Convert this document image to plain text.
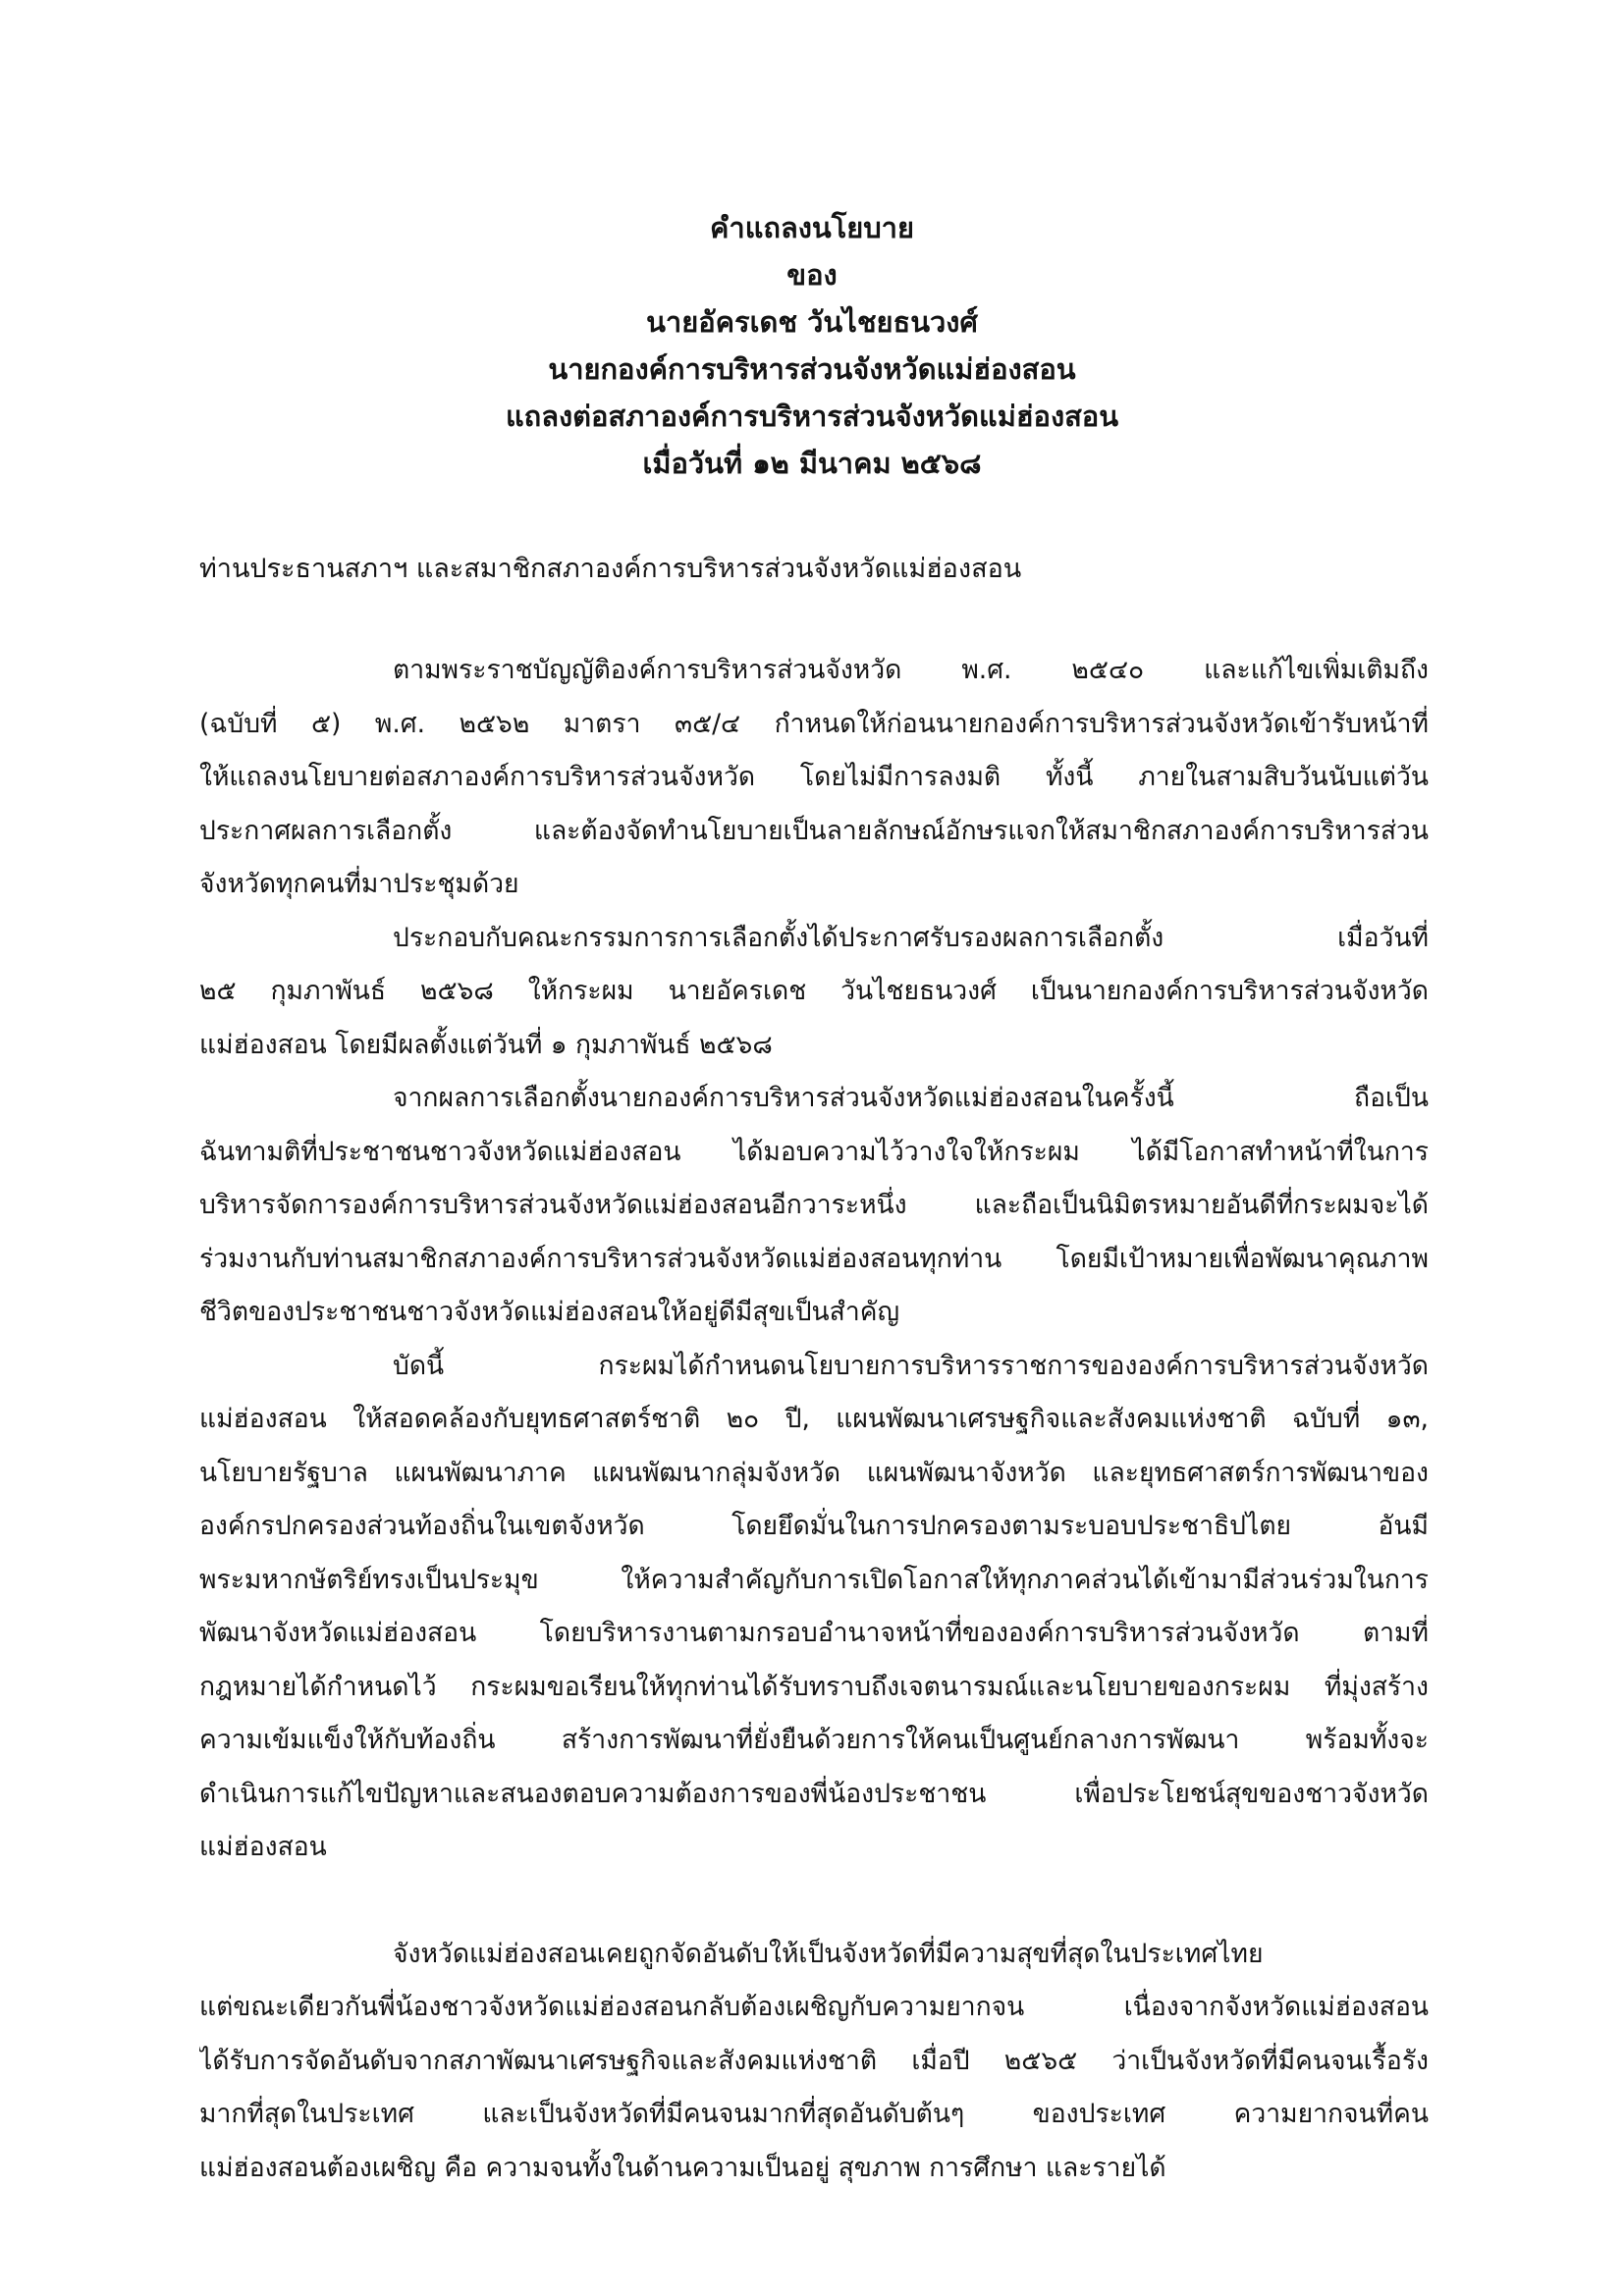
คำแถลงนโยบาย
ของ
นายอัครเดช วันไชยธนวงศ์
นายกองค์การบริหารส่วนจังหวัดแม่ฮ่องสอน
แถลงต่อสภาองค์การบริหารส่วนจังหวัดแม่ฮ่องสอน
เมื่อวันที่ ๑๒ มีนาคม ๒๕๖๘
ท่านประธานสภาฯ และสมาชิกสภาองค์การบริหารส่วนจังหวัดแม่ฮ่องสอน
ตามพระราชบัญญัติองค์การบริหารส่วนจังหวัด พ.ศ. ๒๕๔๐ และแก้ไขเพิ่มเติมถึง
(ฉบับที่ ๕) พ.ศ. ๒๕๖๒ มาตรา ๓๕/๔ กำหนดให้ก่อนนายกองค์การบริหารส่วนจังหวัดเข้ารับหน้าที่
ให้แถลงนโยบายต่อสภาองค์การบริหารส่วนจังหวัด โดยไม่มีการลงมติ ทั้งนี้ ภายในสามสิบวันนับแต่วัน
ประกาศผลการเลือกตั้ง และต้องจัดทำนโยบายเป็นลายลักษณ์อักษรแจกให้สมาชิกสภาองค์การบริหารส่วน
จังหวัดทุกคนที่มาประชุมด้วย
ประกอบกับคณะกรรมการการเลือกตั้งได้ประกาศรับรองผลการเลือกตั้ง เมื่อวันที่
๒๕ กุมภาพันธ์ ๒๕๖๘ ให้กระผม นายอัครเดช วันไชยธนวงศ์ เป็นนายกองค์การบริหารส่วนจังหวัด
แม่ฮ่องสอน โดยมีผลตั้งแต่วันที่ ๑ กุมภาพันธ์ ๒๕๖๘
จากผลการเลือกตั้งนายกองค์การบริหารส่วนจังหวัดแม่ฮ่องสอนในครั้งนี้ ถือเป็น
ฉันทามติที่ประชาชนชาวจังหวัดแม่ฮ่องสอน ได้มอบความไว้วางใจให้กระผม ได้มีโอกาสทำหน้าที่ในการ
บริหารจัดการองค์การบริหารส่วนจังหวัดแม่ฮ่องสอนอีกวาระหนึ่ง และถือเป็นนิมิตรหมายอันดีที่กระผมจะได้
ร่วมงานกับท่านสมาชิกสภาองค์การบริหารส่วนจังหวัดแม่ฮ่องสอนทุกท่าน โดยมีเป้าหมายเพื่อพัฒนาคุณภาพ
ชีวิตของประชาชนชาวจังหวัดแม่ฮ่องสอนให้อยู่ดีมีสุขเป็นสำคัญ
บัดนี้ กระผมได้กำหนดนโยบายการบริหารราชการขององค์การบริหารส่วนจังหวัด
แม่ฮ่องสอน ให้สอดคล้องกับยุทธศาสตร์ชาติ ๒๐ ปี, แผนพัฒนาเศรษฐกิจและสังคมแห่งชาติ ฉบับที่ ๑๓,
นโยบายรัฐบาล แผนพัฒนาภาค แผนพัฒนากลุ่มจังหวัด แผนพัฒนาจังหวัด และยุทธศาสตร์การพัฒนาของ
องค์กรปกครองส่วนท้องถิ่นในเขตจังหวัด โดยยึดมั่นในการปกครองตามระบอบประชาธิปไตย อันมี
พระมหากษัตริย์ทรงเป็นประมุข ให้ความสำคัญกับการเปิดโอกาสให้ทุกภาคส่วนได้เข้ามามีส่วนร่วมในการ
พัฒนาจังหวัดแม่ฮ่องสอน โดยบริหารงานตามกรอบอำนาจหน้าที่ขององค์การบริหารส่วนจังหวัด ตามที่
กฎหมายได้กำหนดไว้ กระผมขอเรียนให้ทุกท่านได้รับทราบถึงเจตนารมณ์และนโยบายของกระผม ที่มุ่งสร้าง
ความเข้มแข็งให้กับท้องถิ่น สร้างการพัฒนาที่ยั่งยืนด้วยการให้คนเป็นศูนย์กลางการพัฒนา พร้อมทั้งจะ
ดำเนินการแก้ไขปัญหาและสนองตอบความต้องการของพี่น้องประชาชน เพื่อประโยชน์สุขของชาวจังหวัด
แม่ฮ่องสอน
จังหวัดแม่ฮ่องสอนเคยถูกจัดอันดับให้เป็นจังหวัดที่มีความสุขที่สุดในประเทศไทย
แต่ขณะเดียวกันพี่น้องชาวจังหวัดแม่ฮ่องสอนกลับต้องเผชิญกับความยากจน เนื่องจากจังหวัดแม่ฮ่องสอน
ได้รับการจัดอันดับจากสภาพัฒนาเศรษฐกิจและสังคมแห่งชาติ เมื่อปี ๒๕๖๕ ว่าเป็นจังหวัดที่มีคนจนเรื้อรัง
มากที่สุดในประเทศ และเป็นจังหวัดที่มีคนจนมากที่สุดอันดับต้นๆ ของประเทศ ความยากจนที่คน
แม่ฮ่องสอนต้องเผชิญ คือ ความจนทั้งในด้านความเป็นอยู่ สุขภาพ การศึกษา และรายได้
